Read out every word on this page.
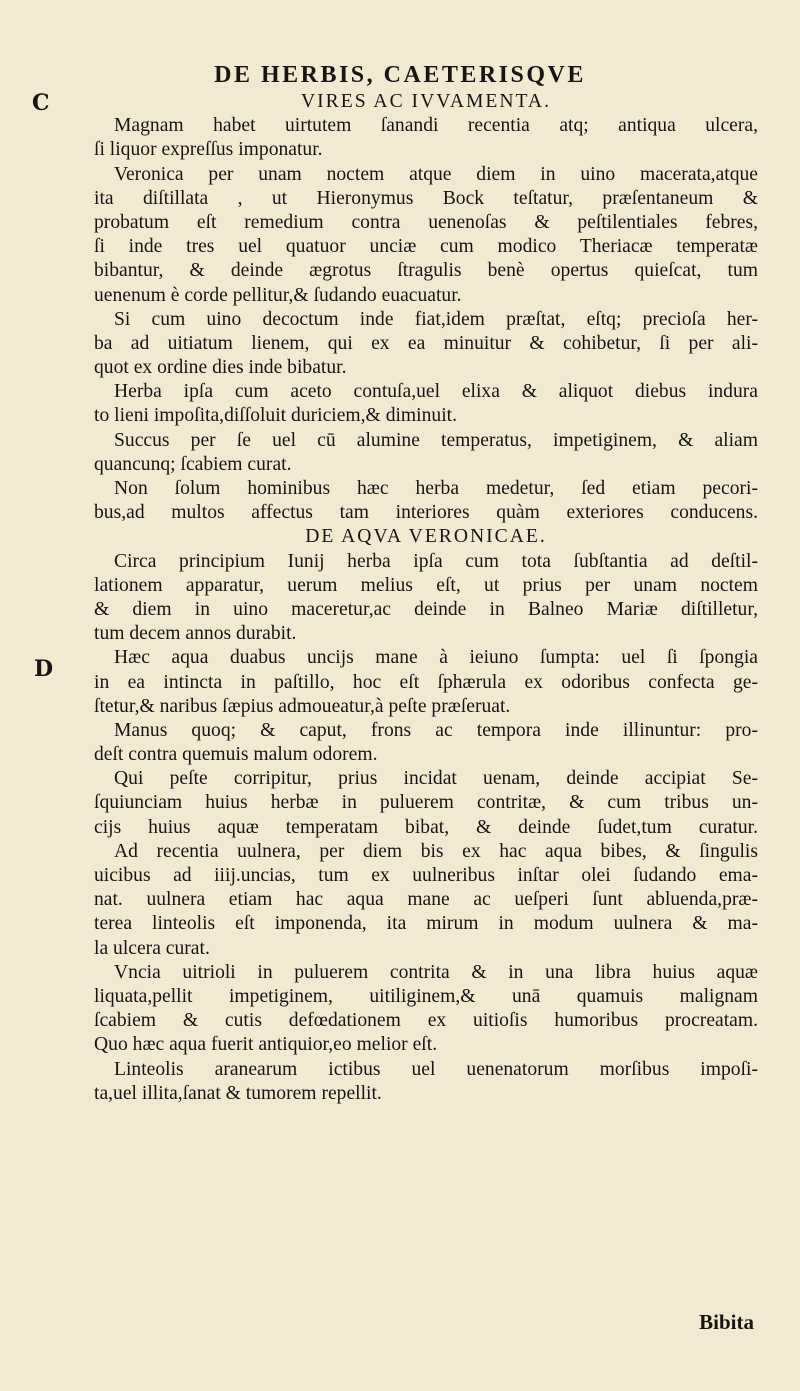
DE HERBIS, CAETERISQVE
C
D
VIRES AC IVVAMENTA.
Magnam habet uirtutem ſanandi recentia atq; antiqua ulcera,
ſi liquor expreſſus imponatur.
Veronica per unam noctem atque diem in uino macerata,atque
ita diſtillata , ut Hieronymus Bock teſtatur, præſentaneum &
probatum eſt remedium contra uenenoſas & peſtilentiales febres,
ſi inde tres uel quatuor unciæ cum modico Theriacæ temperatæ
bibantur, & deinde ægrotus ſtragulis benè opertus quieſcat, tum
uenenum è corde pellitur,& ſudando euacuatur.
Si cum uino decoctum inde fiat,idem præſtat, eſtq; precioſa her-
ba ad uitiatum lienem, qui ex ea minuitur & cohibetur, ſi per ali-
quot ex ordine dies inde bibatur.
Herba ipſa cum aceto contuſa,uel elixa & aliquot diebus indura
to lieni impoſita,diſſoluit duriciem,& diminuit.
Succus per ſe uel cū alumine temperatus, impetiginem, & aliam
quancunq; ſcabiem curat.
Non ſolum hominibus hæc herba medetur, ſed etiam pecori-
bus,ad multos affectus tam interiores quàm exteriores conducens.
DE AQVA VERONICAE.
Circa principium Iunij herba ipſa cum tota ſubſtantia ad deſtil-
lationem apparatur, uerum melius eſt, ut prius per unam noctem
& diem in uino maceretur,ac deinde in Balneo Mariæ diſtilletur,
tum decem annos durabit.
Hæc aqua duabus uncijs mane à ieiuno ſumpta: uel ſi ſpongia
in ea intincta in paſtillo, hoc eſt ſphærula ex odoribus confecta ge-
ſtetur,& naribus ſæpius admoueatur,à peſte præſeruat.
Manus quoq; & caput, frons ac tempora inde illinuntur: pro-
deſt contra quemuis malum odorem.
Qui peſte corripitur, prius incidat uenam, deinde accipiat Se-
ſquiunciam huius herbæ in puluerem contritæ, & cum tribus un-
cijs huius aquæ temperatam bibat, & deinde ſudet,tum curatur.
Ad recentia uulnera, per diem bis ex hac aqua bibes, & ſingulis
uicibus ad iiij.uncias, tum ex uulneribus inſtar olei ſudando ema-
nat. uulnera etiam hac aqua mane ac ueſperi ſunt abluenda,præ-
terea linteolis eſt imponenda, ita mirum in modum uulnera & ma-
la ulcera curat.
Vncia uitrioli in puluerem contrita & in una libra huius aquæ
liquata,pellit impetiginem, uitiliginem,& unā quamuis malignam
ſcabiem & cutis defœdationem ex uitioſis humoribus procreatam.
Quo hæc aqua fuerit antiquior,eo melior eſt.
Linteolis aranearum ictibus uel uenenatorum morſibus impoſi-
ta,uel illita,ſanat & tumorem repellit.
Bibita
